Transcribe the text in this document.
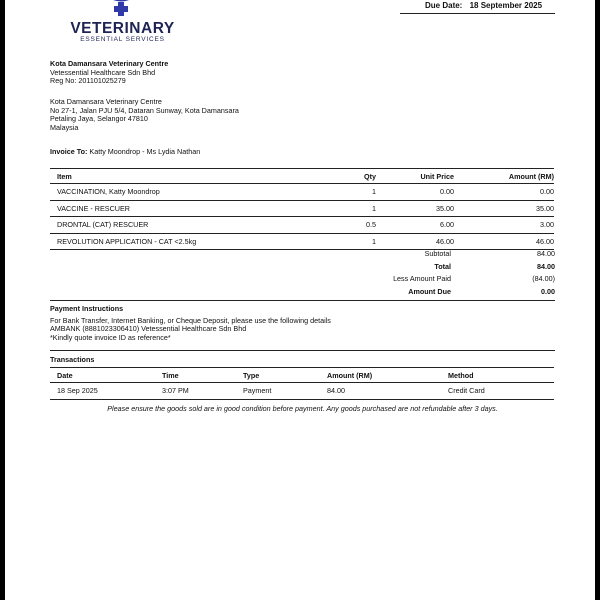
VETERINARY
ESSENTIAL SERVICES
Due Date: 18 September 2025
Kota Damansara Veterinary Centre
Vetessential Healthcare Sdn Bhd
Reg No: 201101025279
Kota Damansara Veterinary Centre
No 27-1, Jalan PJU 5/4, Dataran Sunway, Kota Damansara
Petaling Jaya, Selangor 47810
Malaysia
Invoice To: Katty Moondrop - Ms Lydia Nathan
Item	Qty	Unit Price	Amount (RM)
VACCINATION, Katty Moondrop	1	0.00	0.00
VACCINE - RESCUER	1	35.00	35.00
DRONTAL (CAT) RESCUER	0.5	6.00	3.00
REVOLUTION APPLICATION - CAT <2.5kg	1	46.00	46.00
Subtotal	84.00
Total	84.00
Less Amount Paid	(84.00)
Amount Due	0.00
Payment Instructions
For Bank Transfer, Internet Banking, or Cheque Deposit, please use the following details
AMBANK (8881023306410) Vetessential Healthcare Sdn Bhd
*Kindly quote invoice ID as reference*
Transactions
Date	Time	Type	Amount (RM)	Method
18 Sep 2025	3:07 PM	Payment	84.00	Credit Card
Please ensure the goods sold are in good condition before payment. Any goods purchased are not refundable after 3 days.
